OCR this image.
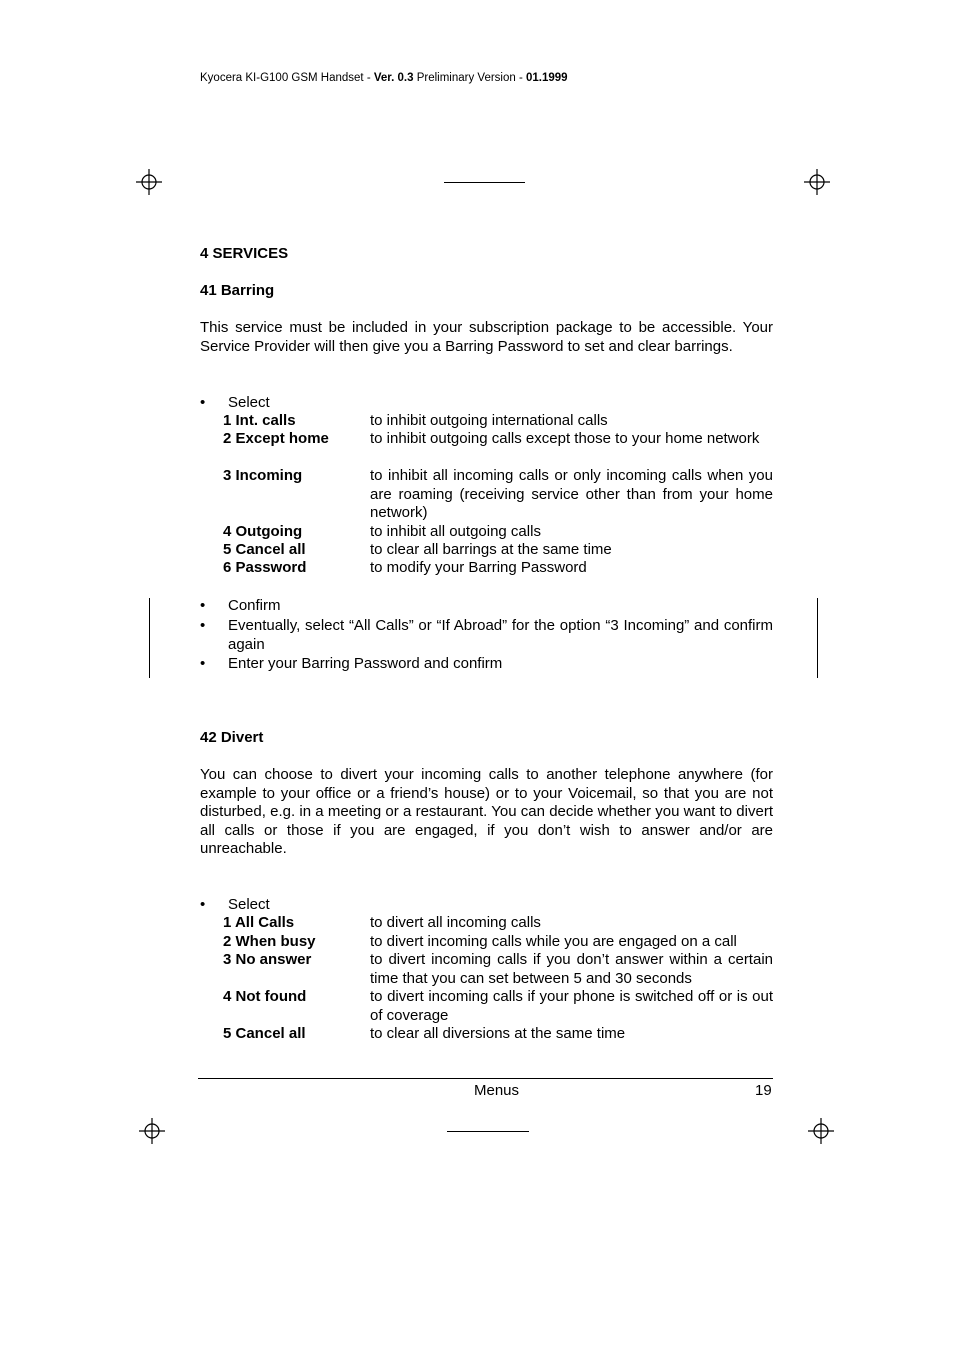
Kyocera KI-G100 GSM Handset - Ver. 0.3 Preliminary Version - 01.1999
4 SERVICES
41 Barring
This service must be included in your subscription package to be accessible. Your Service Provider will then give you a Barring Password to set and clear barrings.
• Select
1 Int. calls	to inhibit outgoing international calls
2 Except home	to inhibit outgoing calls except those to your home network
3 Incoming	to inhibit all incoming calls or only incoming calls when you are roaming (receiving service other than from your home network)
4 Outgoing	to inhibit all outgoing calls
5 Cancel all	to clear all barrings at the same time
6 Password	to modify your Barring Password
• Confirm
• Eventually, select “All Calls” or “If Abroad” for the option “3 Incoming” and confirm again
• Enter your Barring Password and confirm
42 Divert
You can choose to divert your incoming calls to another telephone anywhere (for example to your office or a friend’s house) or to your Voicemail, so that you are not disturbed, e.g. in a meeting or a restaurant. You can decide whether you want to divert all calls or those if you are engaged, if you don’t wish to answer and/or are unreachable.
• Select
1 All Calls	to divert all incoming calls
2 When busy	to divert incoming calls while you are engaged on a call
3 No answer	to divert incoming calls if you don’t answer within a certain time that you can set between 5 and 30 seconds
4 Not found	to divert incoming calls if your phone is switched off or is out of coverage
5 Cancel all	to clear all diversions at the same time
Menus	19
